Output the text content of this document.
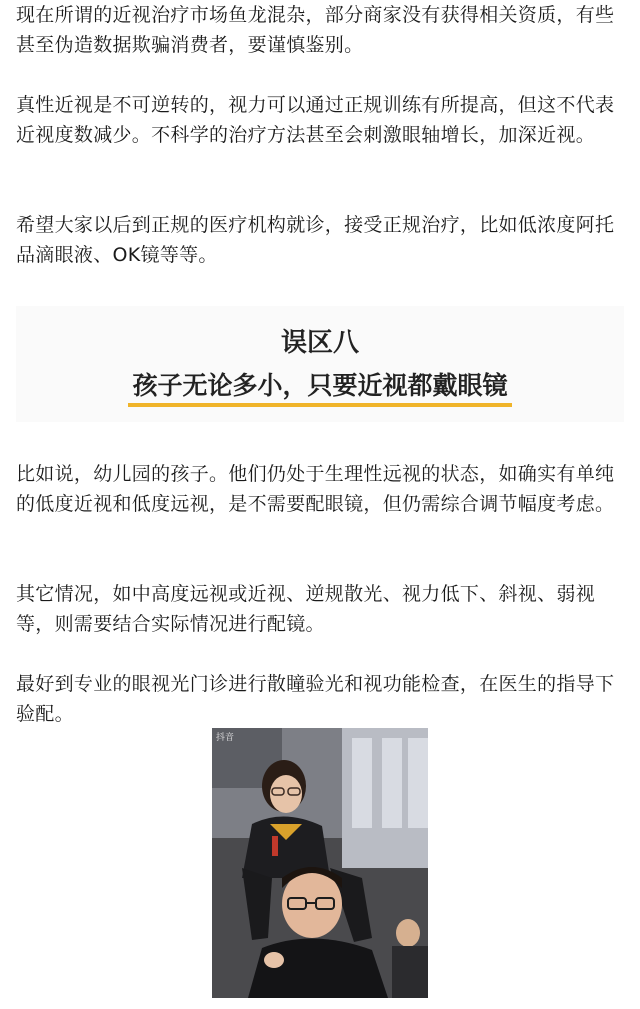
现在所谓的近视治疗市场鱼龙混杂，部分商家没有获得相关资质，有些甚至伪造数据欺骗消费者，要谨慎鉴别。

真性近视是不可逆转的，视力可以通过正规训练有所提高，但这不代表近视度数减少。不科学的治疗方法甚至会刺激眼轴增长，加深近视。

希望大家以后到正规的医疗机构就诊，接受正规治疗，比如低浓度阿托品滴眼液、OK镜等等。

误区八
孩子无论多小，只要近视都戴眼镜

比如说，幼儿园的孩子。他们仍处于生理性远视的状态，如确实有单纯的低度近视和低度远视，是不需要配眼镜，但仍需综合调节幅度考虑。

其它情况，如中高度远视或近视、逆规散光、视力低下、斜视、弱视等，则需要结合实际情况进行配镜。

最好到专业的眼视光门诊进行散瞳验光和视功能检查，在医生的指导下验配。

抖音
